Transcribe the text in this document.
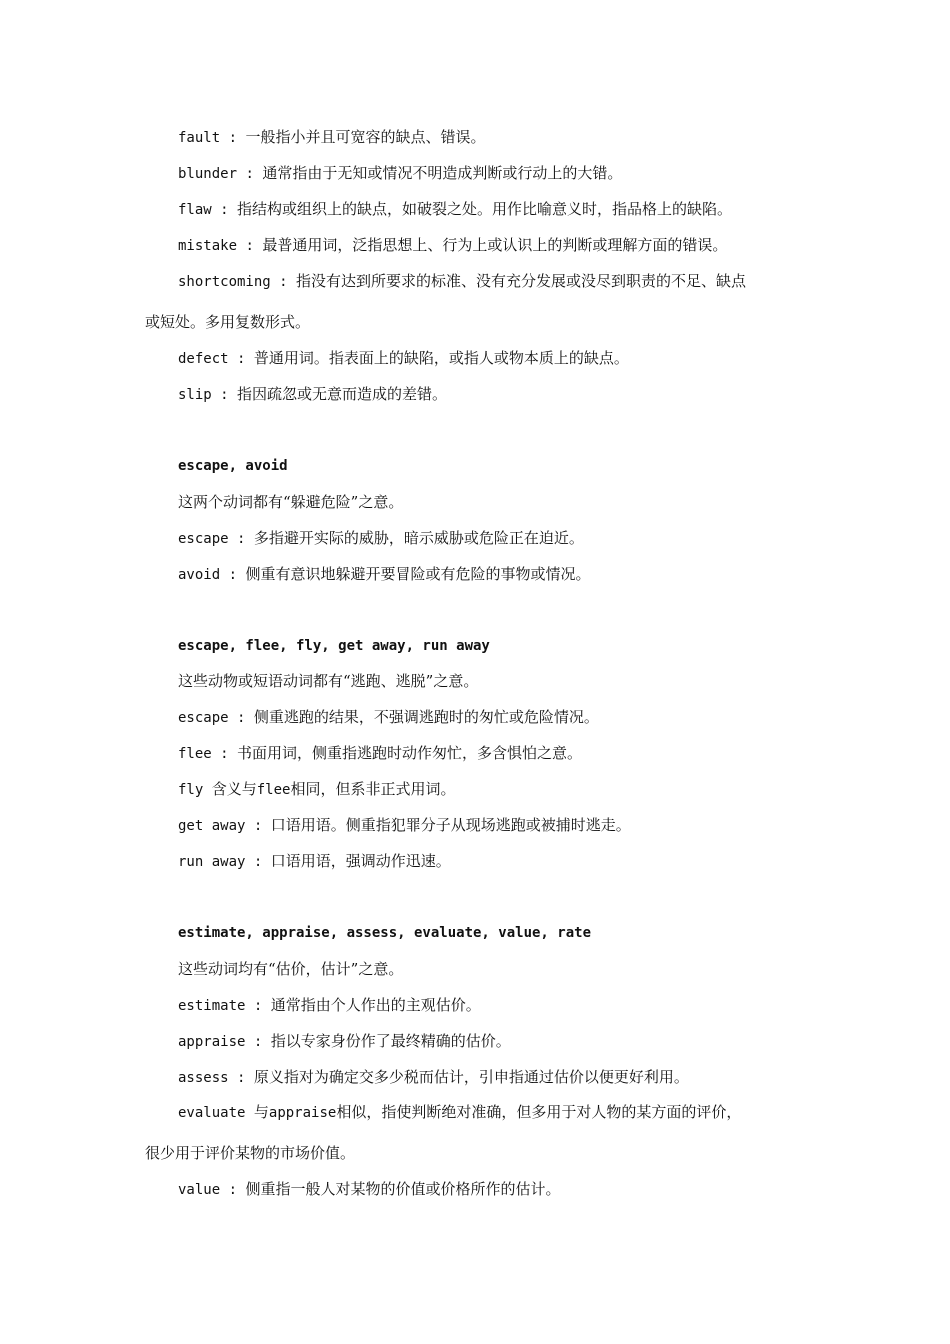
fault : 一般指小并且可宽容的缺点、错误。
blunder : 通常指由于无知或情况不明造成判断或行动上的大错。
flaw : 指结构或组织上的缺点，如破裂之处。用作比喻意义时，指品格上的缺陷。
mistake : 最普通用词，泛指思想上、行为上或认识上的判断或理解方面的错误。
shortcoming : 指没有达到所要求的标准、没有充分发展或没尽到职责的不足、缺点
或短处。多用复数形式。
defect : 普通用词。指表面上的缺陷，或指人或物本质上的缺点。
slip : 指因疏忽或无意而造成的差错。
escape, avoid
这两个动词都有“躲避危险”之意。
escape : 多指避开实际的威胁，暗示威胁或危险正在迫近。
avoid : 侧重有意识地躲避开要冒险或有危险的事物或情况。
escape, flee, fly, get away, run away
这些动物或短语动词都有“逃跑、逃脱”之意。
escape : 侧重逃跑的结果，不强调逃跑时的匆忙或危险情况。
flee : 书面用词，侧重指逃跑时动作匆忙，多含惧怕之意。
fly 含义与flee相同，但系非正式用词。
get away : 口语用语。侧重指犯罪分子从现场逃跑或被捕时逃走。
run away : 口语用语，强调动作迅速。
estimate, appraise, assess, evaluate, value, rate
这些动词均有“估价，估计”之意。
estimate : 通常指由个人作出的主观估价。
appraise : 指以专家身份作了最终精确的估价。
assess : 原义指对为确定交多少税而估计，引申指通过估价以便更好利用。
evaluate 与appraise相似，指使判断绝对准确，但多用于对人物的某方面的评价，
很少用于评价某物的市场价值。
value : 侧重指一般人对某物的价值或价格所作的估计。
